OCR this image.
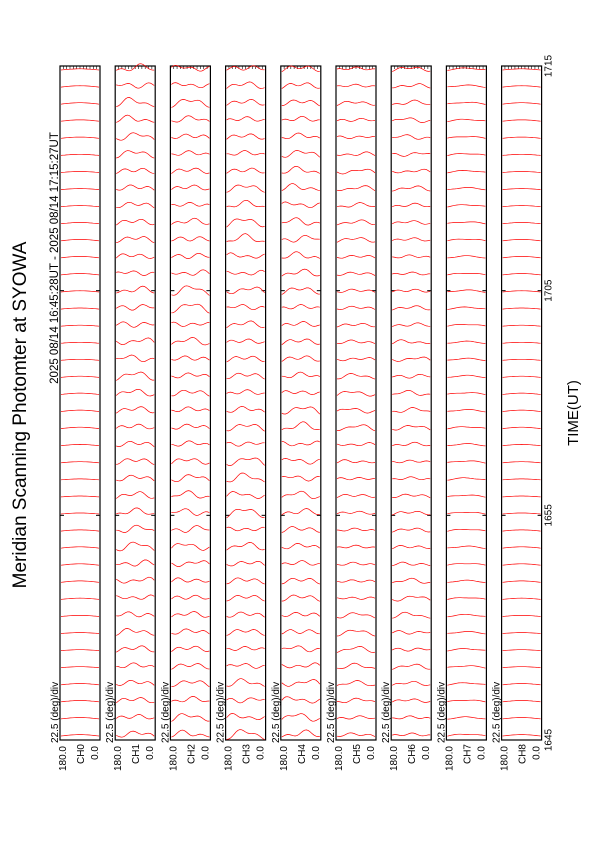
22.5 (deg)/div
180.0 0.0
CH0
22.5 (deg)/div
180.0 0.0
CH1
22.5 (deg)/div
180.0 0.0
CH2
22.5 (deg)/div
180.0 0.0
CH3
22.5 (deg)/div
180.0 0.0
CH4
22.5 (deg)/div
180.0 0.0
CH5
22.5 (deg)/div
180.0 0.0
CH6
22.5 (deg)/div
180.0 0.0
CH7
22.5 (deg)/div
180.0 0.0
CH8
Meridian Scanning Photomter at SYOWA 2025 08/14 16:45:28UT - 2025 08/14 17:15:27UT
1645
1655
1705
1715
TIME(UT)
